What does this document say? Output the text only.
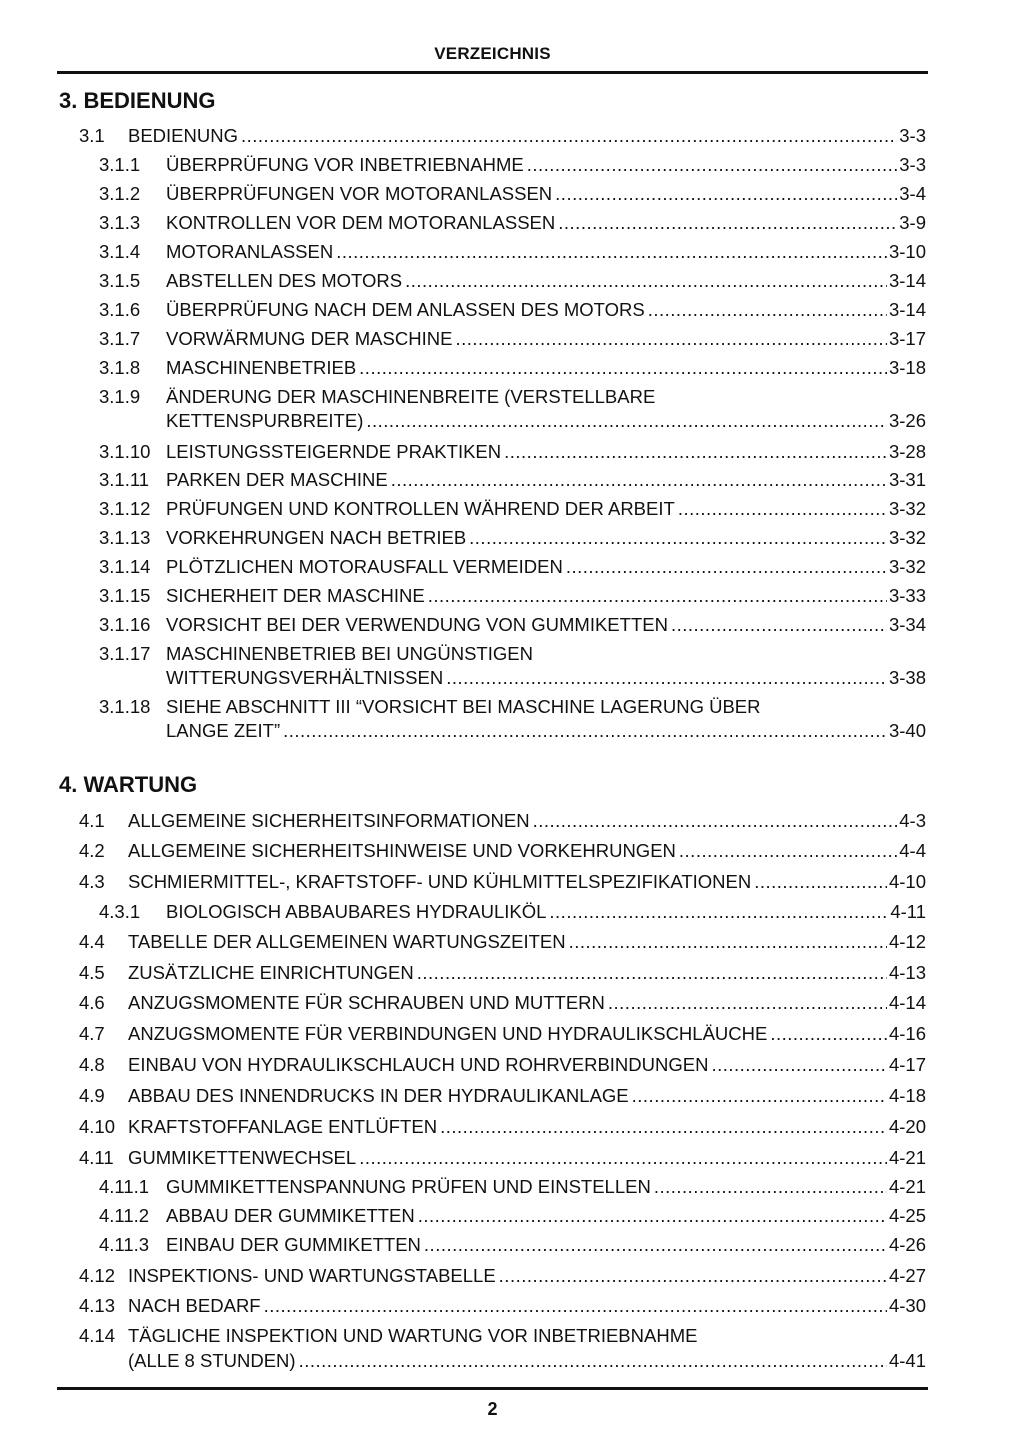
VERZEICHNIS
3. BEDIENUNG
4. WARTUNG
3.1 BEDIENUNG .....	3-3
3.1.1 ÜBERPRÜFUNG VOR INBETRIEBNAHME .....	3-3
3.1.2 ÜBERPRÜFUNGEN VOR MOTORANLASSEN .....	3-4
3.1.3 KONTROLLEN VOR DEM MOTORANLASSEN .....	3-9
3.1.4 MOTORANLASSEN .....	3-10
3.1.5 ABSTELLEN DES MOTORS .....	3-14
3.1.6 ÜBERPRÜFUNG NACH DEM ANLASSEN DES MOTORS .....	3-14
3.1.7 VORWÄRMUNG DER MASCHINE .....	3-17
3.1.8 MASCHINENBETRIEB .....	3-18
3.1.9 ÄNDERUNG DER MASCHINENBREITE (VERSTELLBARE
KETTENSPURBREITE) .....	3-26
3.1.10 LEISTUNGSSTEIGERNDE PRAKTIKEN .....	3-28
3.1.11 PARKEN DER MASCHINE .....	3-31
3.1.12 PRÜFUNGEN UND KONTROLLEN WÄHREND DER ARBEIT .....	3-32
3.1.13 VORKEHRUNGEN NACH BETRIEB .....	3-32
3.1.14 PLÖTZLICHEN MOTORAUSFALL VERMEIDEN .....	3-32
3.1.15 SICHERHEIT DER MASCHINE .....	3-33
3.1.16 VORSICHT BEI DER VERWENDUNG VON GUMMIKETTEN .....	3-34
3.1.17 MASCHINENBETRIEB BEI UNGÜNSTIGEN
WITTERUNGSVERHÄLTNISSEN .....	3-38
3.1.18 SIEHE ABSCHNITT III “VORSICHT BEI MASCHINE LAGERUNG ÜBER
LANGE ZEIT” .....	3-40
4.1 ALLGEMEINE SICHERHEITSINFORMATIONEN .....	4-3
4.2 ALLGEMEINE SICHERHEITSHINWEISE UND VORKEHRUNGEN .....	4-4
4.3 SCHMIERMITTEL-, KRAFTSTOFF- UND KÜHLMITTELSPEZIFIKATIONEN .....	4-10
4.3.1 BIOLOGISCH ABBAUBARES HYDRAULIKÖL .....	4-11
4.4 TABELLE DER ALLGEMEINEN WARTUNGSZEITEN .....	4-12
4.5 ZUSÄTZLICHE EINRICHTUNGEN .....	4-13
4.6 ANZUGSMOMENTE FÜR SCHRAUBEN UND MUTTERN .....	4-14
4.7 ANZUGSMOMENTE FÜR VERBINDUNGEN UND HYDRAULIKSCHLÄUCHE .....	4-16
4.8 EINBAU VON HYDRAULIKSCHLAUCH UND ROHRVERBINDUNGEN .....	4-17
4.9 ABBAU DES INNENDRUCKS IN DER HYDRAULIKANLAGE .....	4-18
4.10 KRAFTSTOFFANLAGE ENTLÜFTEN .....	4-20
4.11 GUMMIKETTENWECHSEL .....	4-21
4.11.1 GUMMIKETTENSPANNUNG PRÜFEN UND EINSTELLEN .....	4-21
4.11.2 ABBAU DER GUMMIKETTEN .....	4-25
4.11.3 EINBAU DER GUMMIKETTEN .....	4-26
4.12 INSPEKTIONS- UND WARTUNGSTABELLE .....	4-27
4.13 NACH BEDARF .....	4-30
4.14 TÄGLICHE INSPEKTION UND WARTUNG VOR INBETRIEBNAHME
(ALLE 8 STUNDEN) .....	4-41
2
